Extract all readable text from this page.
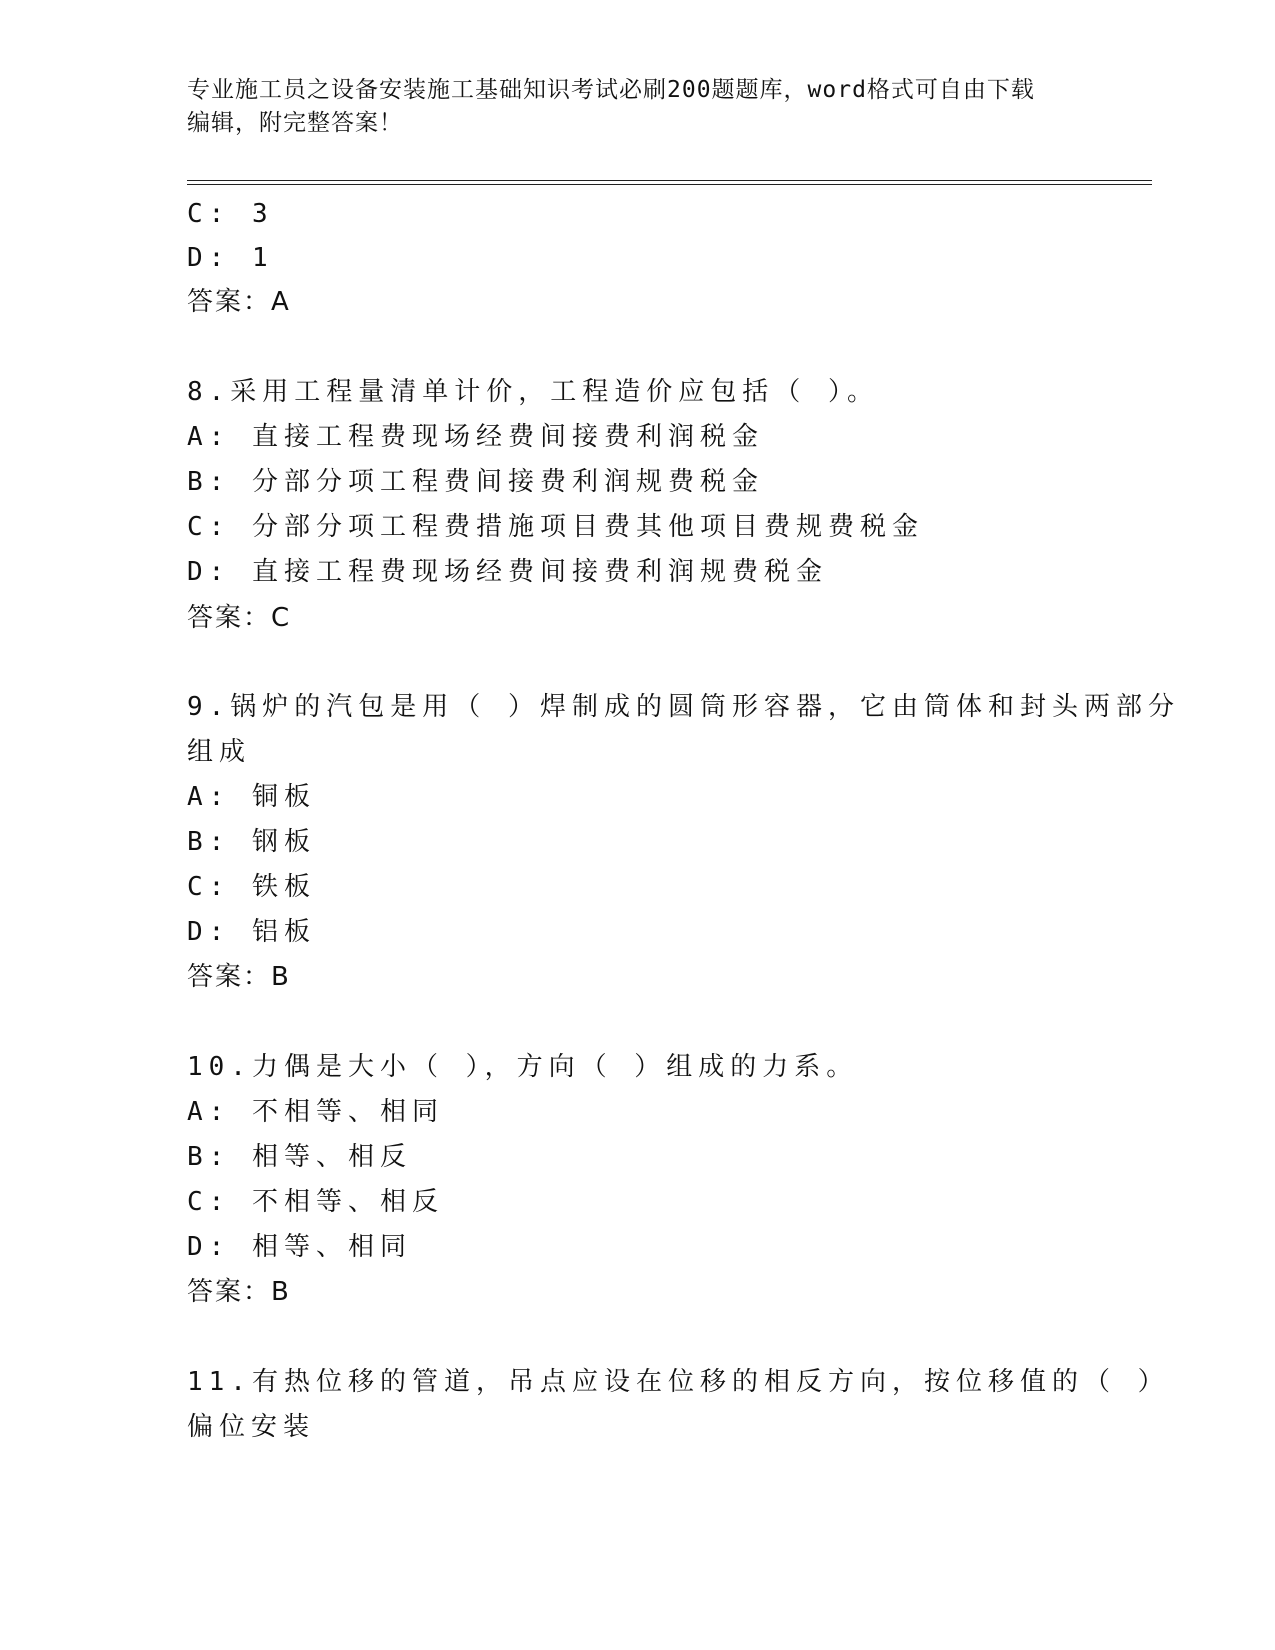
专业施工员之设备安装施工基础知识考试必刷200题题库，word格式可自由下载
编辑，附完整答案！
C: 3
D: 1
答案：A
8.采用工程量清单计价，工程造价应包括（ ）。
A: 直接工程费现场经费间接费利润税金
B: 分部分项工程费间接费利润规费税金
C: 分部分项工程费措施项目费其他项目费规费税金
D: 直接工程费现场经费间接费利润规费税金
答案：C
9.锅炉的汽包是用（ ）焊制成的圆筒形容器，它由筒体和封头两部分
组成
A: 铜板
B: 钢板
C: 铁板
D: 铝板
答案：B
10.力偶是大小（ ），方向（ ）组成的力系。
A: 不相等、相同
B: 相等、相反
C: 不相等、相反
D: 相等、相同
答案：B
11.有热位移的管道，吊点应设在位移的相反方向，按位移值的（ ）
偏位安装
